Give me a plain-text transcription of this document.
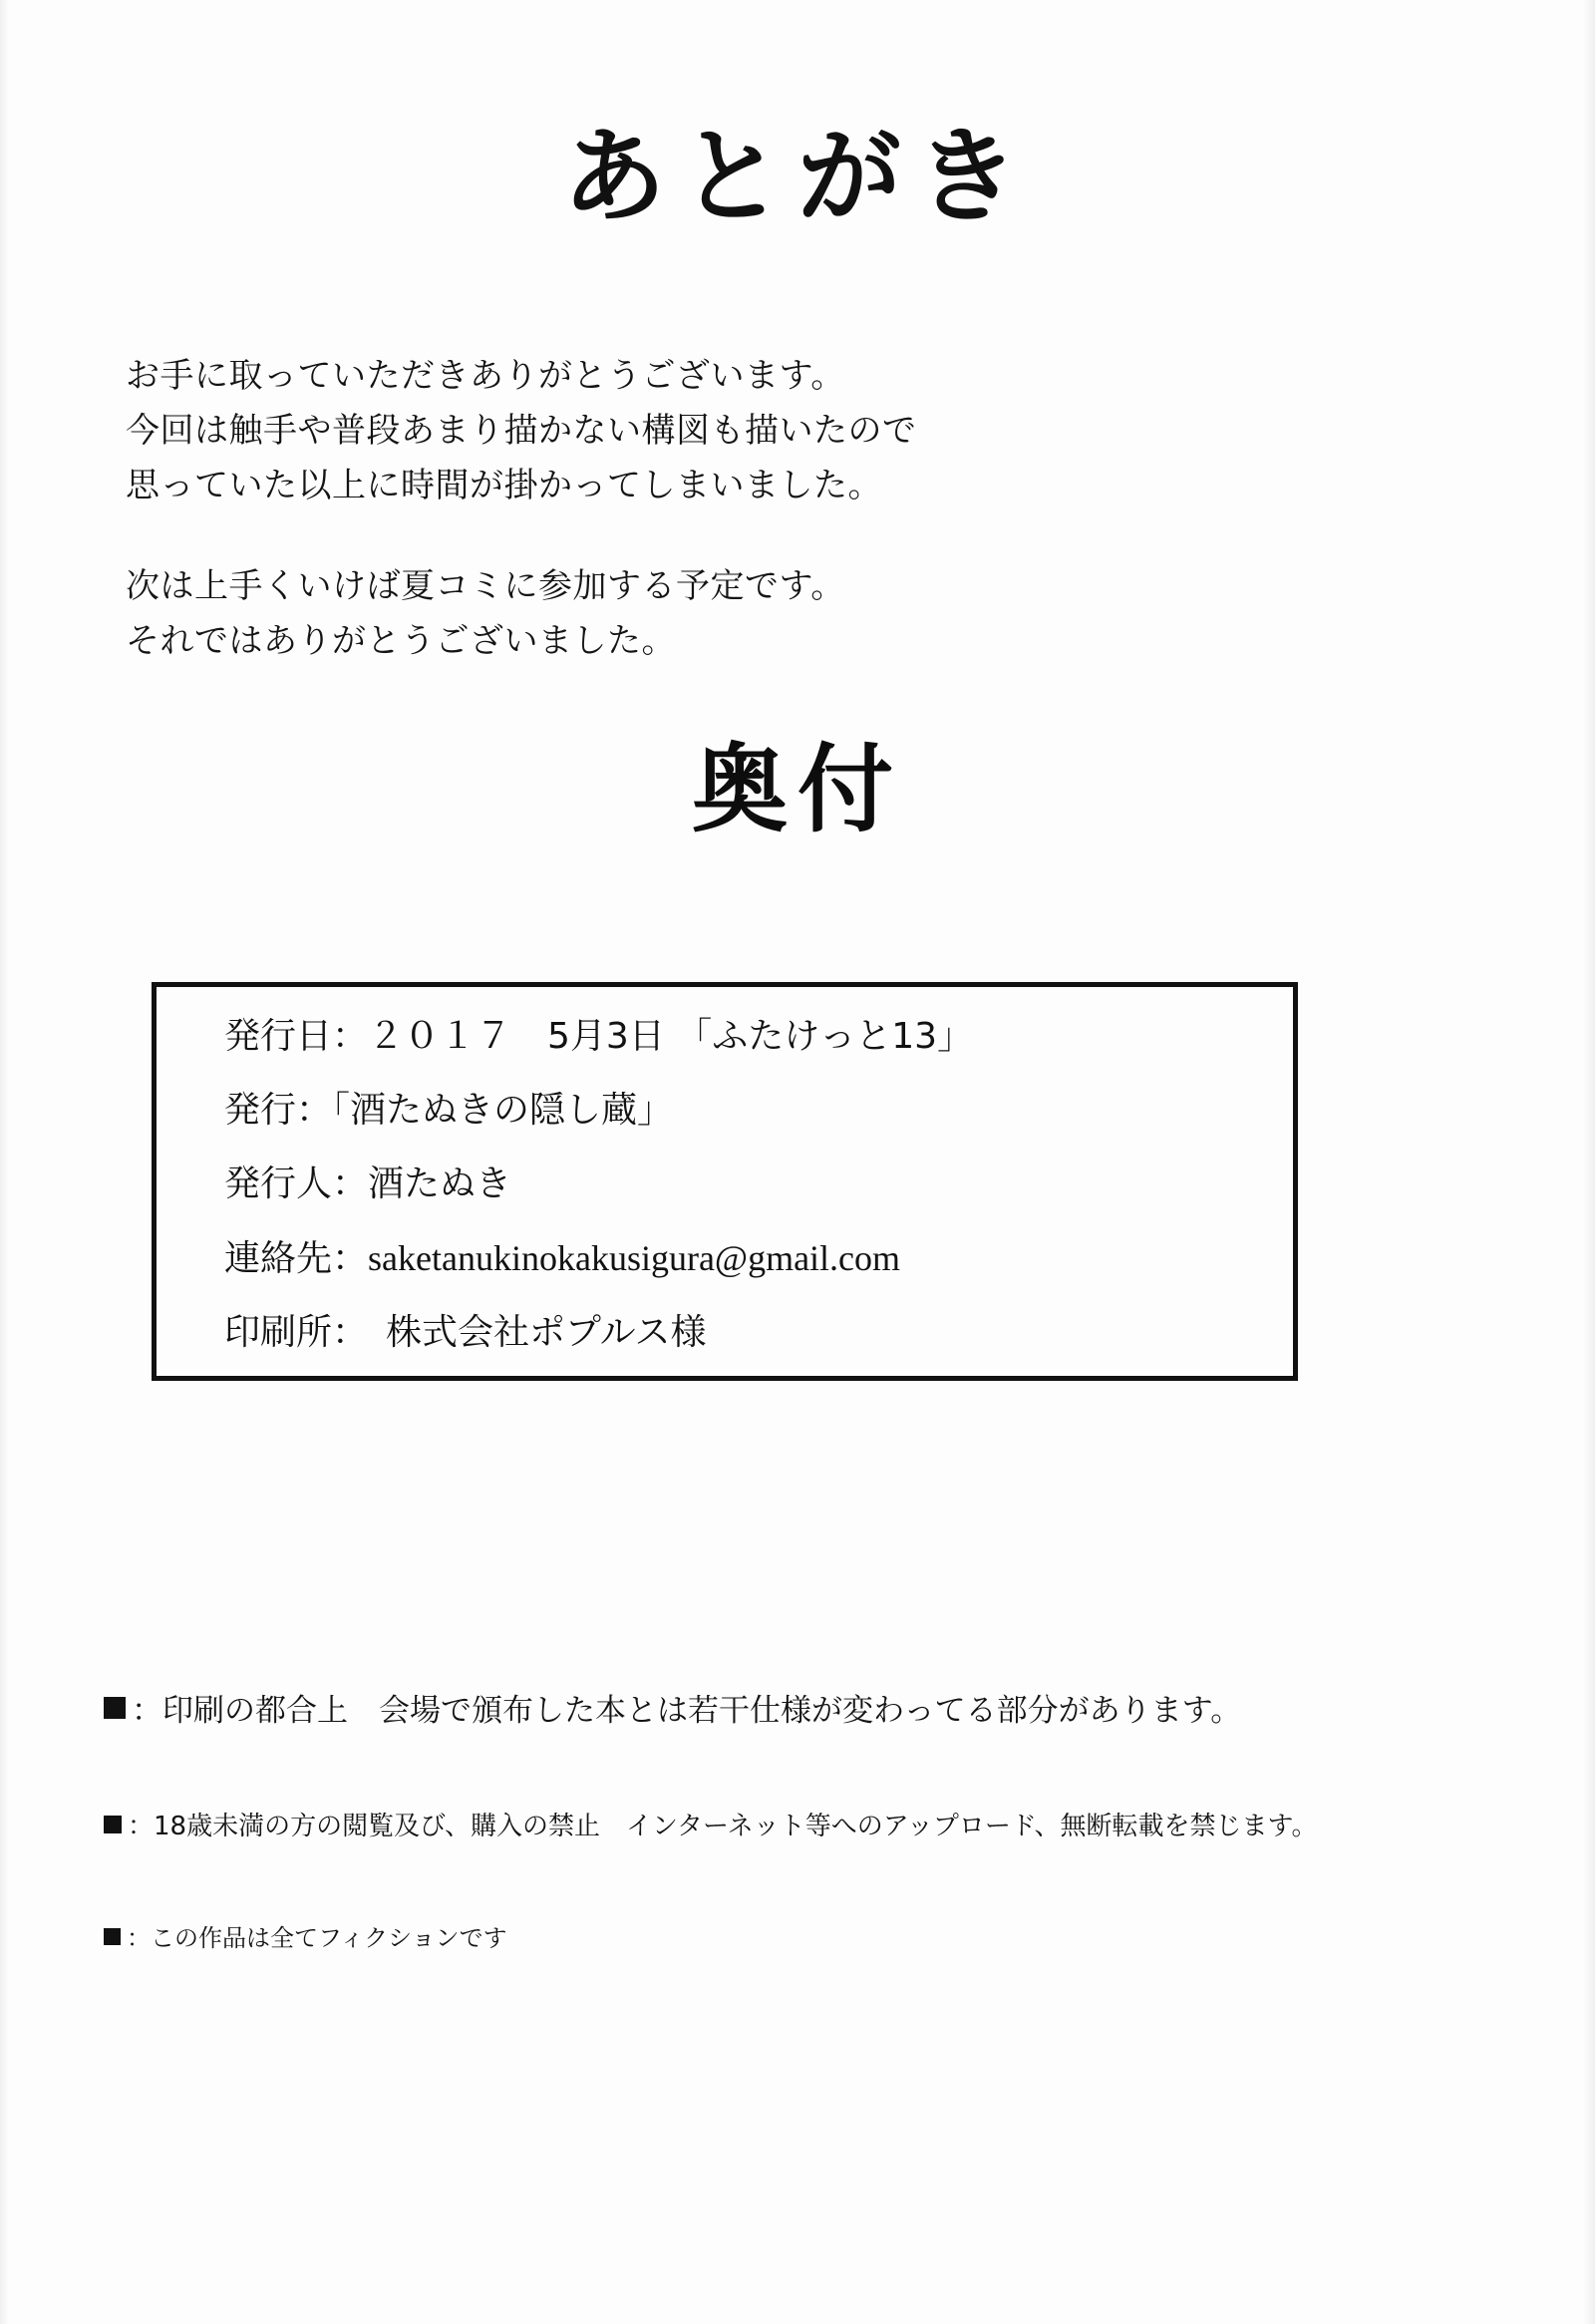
あとがき

お手に取っていただきありがとうございます。

今回は触手や普段あまり描かない構図も描いたので

思っていた以上に時間が掛かってしまいました。

次は上手くいけば夏コミに参加する予定です。

それではありがとうございました。

奥付
発行日：２０１７　5月3日 「ふたけっと13」
発行：「酒たぬきの隠し蔵」
発行人：酒たぬき
連絡先：saketanukinokakusigura@gmail.com
印刷所：　株式会社ポプルス様
：印刷の都合上　会場で頒布した本とは若干仕様が変わってる部分があります。
：18歳未満の方の閲覧及び、購入の禁止　インターネット等へのアップロード、無断転載を禁じます。
：この作品は全てフィクションです
